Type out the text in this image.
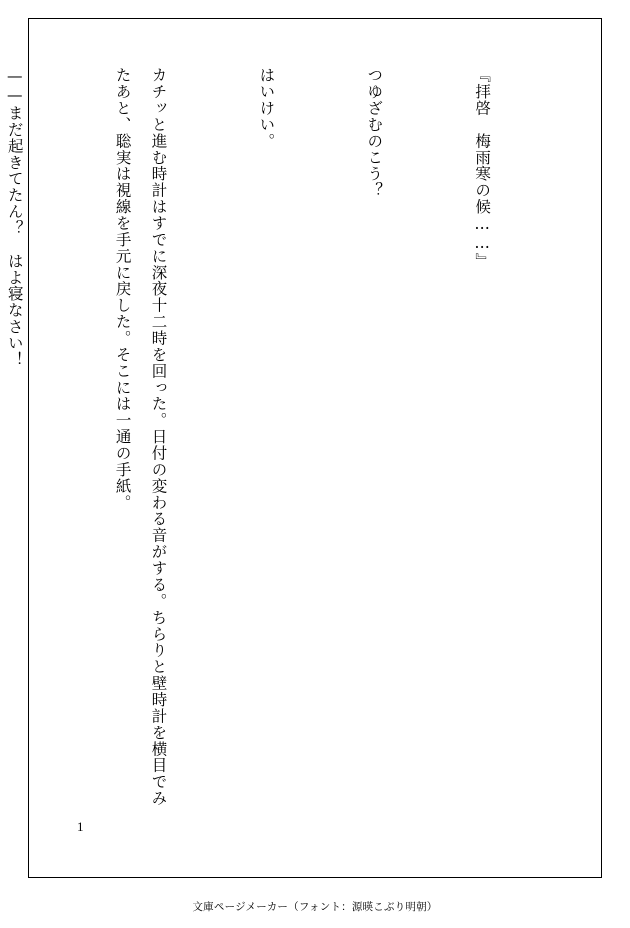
『拝啓　梅雨寒の候……』

つゆざむのこう？

はいけい。

カチッと進む時計はすでに深夜十二時を回った。日付の変わる音がする。ちらりと壁時計を横目でみたあと、聡実は視線を手元に戻した。そこには一通の手紙。

——まだ起きてたん？　はよ寝なさい！

1
文庫ページメーカー（フォント：源暎こぶり明朝）
